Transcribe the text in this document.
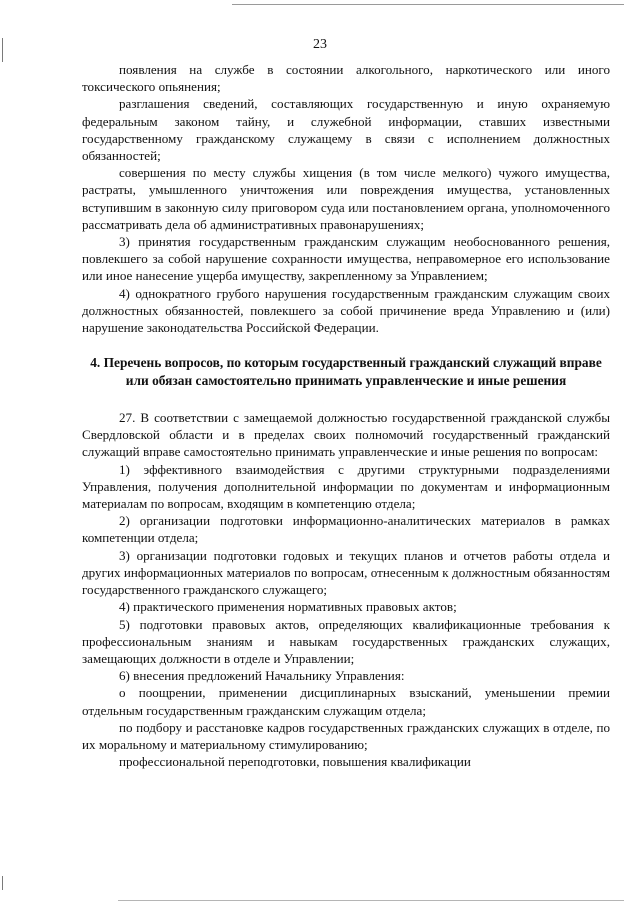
23

появления на службе в состоянии алкогольного, наркотического или иного токсического опьянения;

разглашения сведений, составляющих государственную и иную охраняемую федеральным законом тайну, и служебной информации, ставших известными государственному гражданскому служащему в связи с исполнением должностных обязанностей;

совершения по месту службы хищения (в том числе мелкого) чужого имущества, растраты, умышленного уничтожения или повреждения имущества, установленных вступившим в законную силу приговором суда или постановлением органа, уполномоченного рассматривать дела об административных правонарушениях;

3) принятия государственным гражданским служащим необоснованного решения, повлекшего за собой нарушение сохранности имущества, неправомерное его использование или иное нанесение ущерба имуществу, закрепленному за Управлением;

4) однократного грубого нарушения государственным гражданским служащим своих должностных обязанностей, повлекшего за собой причинение вреда Управлению и (или) нарушение законодательства Российской Федерации.

4. Перечень вопросов, по которым государственный гражданский служащий вправе или обязан самостоятельно принимать управленческие и иные решения

27. В соответствии с замещаемой должностью государственной гражданской службы Свердловской области и в пределах своих полномочий государственный гражданский служащий вправе самостоятельно принимать управленческие и иные решения по вопросам:

1) эффективного взаимодействия с другими структурными подразделениями Управления, получения дополнительной информации по документам и информационным материалам по вопросам, входящим в компетенцию отдела;

2) организации подготовки информационно-аналитических материалов в рамках компетенции отдела;

3) организации подготовки годовых и текущих планов и отчетов работы отдела и других информационных материалов по вопросам, отнесенным к должностным обязанностям государственного гражданского служащего;

4) практического применения нормативных правовых актов;

5) подготовки правовых актов, определяющих квалификационные требования к профессиональным знаниям и навыкам государственных гражданских служащих, замещающих должности в отделе и Управлении;

6) внесения предложений Начальнику Управления:

о поощрении, применении дисциплинарных взысканий, уменьшении премии отдельным государственным гражданским служащим отдела;

по подбору и расстановке кадров государственных гражданских служащих в отделе, по их моральному и материальному стимулированию;

профессиональной переподготовки, повышения квалификации
